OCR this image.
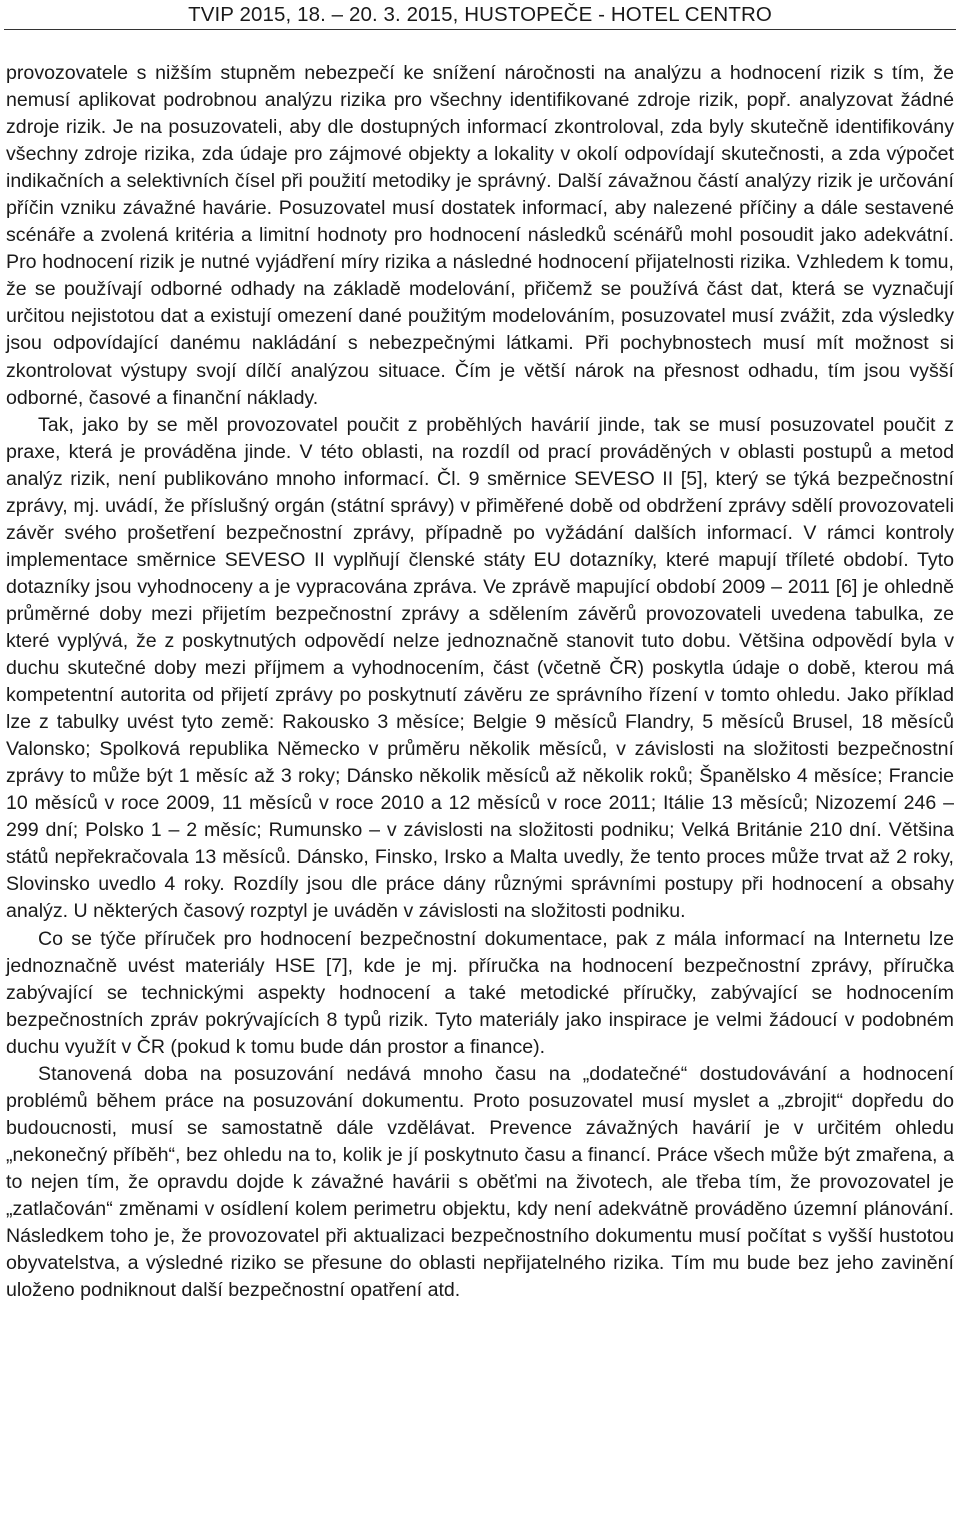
TVIP 2015, 18. – 20. 3. 2015, HUSTOPEČE - HOTEL CENTRO

provozovatele s nižším stupněm nebezpečí ke snížení náročnosti na analýzu a hodnocení rizik s tím, že nemusí aplikovat podrobnou analýzu rizika pro všechny identifikované zdroje rizik, popř. analyzovat žádné zdroje rizik. Je na posuzovateli, aby dle dostupných informací zkontroloval, zda byly skutečně identifikovány všechny zdroje rizika, zda údaje pro zájmové objekty a lokality v okolí odpovídají skutečnosti, a zda výpočet indikačních a selektivních čísel při použití metodiky je správný. Další závažnou částí analýzy rizik je určování příčin vzniku závažné havárie. Posuzovatel musí dostatek informací, aby nalezené příčiny a dále sestavené scénáře a zvolená kritéria a limitní hodnoty pro hodnocení následků scénářů mohl posoudit jako adekvátní. Pro hodnocení rizik je nutné vyjádření míry rizika a následné hodnocení přijatelnosti rizika. Vzhledem k tomu, že se používají odborné odhady na základě modelování, přičemž se používá část dat, která se vyznačují určitou nejistotou dat a existují omezení dané použitým modelováním, posuzovatel musí zvážit, zda výsledky jsou odpovídající danému nakládání s nebezpečnými látkami. Při pochybnostech musí mít možnost si zkontrolovat výstupy svojí dílčí analýzou situace. Čím je větší nárok na přesnost odhadu, tím jsou vyšší odborné, časové a finanční náklady.

Tak, jako by se měl provozovatel poučit z proběhlých havárií jinde, tak se musí posuzovatel poučit z praxe, která je prováděna jinde. V této oblasti, na rozdíl od prací prováděných v oblasti postupů a metod analýz rizik, není publikováno mnoho informací. Čl. 9 směrnice SEVESO II [5], který se týká bezpečnostní zprávy, mj. uvádí, že příslušný orgán (státní správy) v přiměřené době od obdržení zprávy sdělí provozovateli závěr svého prošetření bezpečnostní zprávy, případně po vyžádání dalších informací. V rámci kontroly implementace směrnice SEVESO II vyplňují členské státy EU dotazníky, které mapují tříleté období. Tyto dotazníky jsou vyhodnoceny a je vypracována zpráva. Ve zprávě mapující období 2009 – 2011 [6] je ohledně průměrné doby mezi přijetím bezpečnostní zprávy a sdělením závěrů provozovateli uvedena tabulka, ze které vyplývá, že z poskytnutých odpovědí nelze jednoznačně stanovit tuto dobu. Většina odpovědí byla v duchu skutečné doby mezi příjmem a vyhodnocením, část (včetně ČR) poskytla údaje o době, kterou má kompetentní autorita od přijetí zprávy po poskytnutí závěru ze správního řízení v tomto ohledu. Jako příklad lze z tabulky uvést tyto země: Rakousko 3 měsíce; Belgie 9 měsíců Flandry, 5 měsíců Brusel, 18 měsíců Valonsko; Spolková republika Německo v průměru několik měsíců, v závislosti na složitosti bezpečnostní zprávy to může být 1 měsíc až 3 roky; Dánsko několik měsíců až několik roků; Španělsko 4 měsíce; Francie 10 měsíců v roce 2009, 11 měsíců v roce 2010 a 12 měsíců v roce 2011; Itálie 13 měsíců; Nizozemí 246 – 299 dní; Polsko 1 – 2 měsíc; Rumunsko – v závislosti na složitosti podniku; Velká Británie 210 dní. Většina států nepřekračovala 13 měsíců. Dánsko, Finsko, Irsko a Malta uvedly, že tento proces může trvat až 2 roky, Slovinsko uvedlo 4 roky. Rozdíly jsou dle práce dány různými správními postupy při hodnocení a obsahy analýz. U některých časový rozptyl je uváděn v závislosti na složitosti podniku.

Co se týče příruček pro hodnocení bezpečnostní dokumentace, pak z mála informací na Internetu lze jednoznačně uvést materiály HSE [7], kde je mj. příručka na hodnocení bezpečnostní zprávy, příručka zabývající se technickými aspekty hodnocení a také metodické příručky, zabývající se hodnocením bezpečnostních zpráv pokrývajících 8 typů rizik. Tyto materiály jako inspirace je velmi žádoucí v podobném duchu využít v ČR (pokud k tomu bude dán prostor a finance).

Stanovená doba na posuzování nedává mnoho času na „dodatečné“ dostudovávání a hodnocení problémů během práce na posuzování dokumentu. Proto posuzovatel musí myslet a „zbrojit“ dopředu do budoucnosti, musí se samostatně dále vzdělávat. Prevence závažných havárií je v určitém ohledu „nekonečný příběh“, bez ohledu na to, kolik je jí poskytnuto času a financí. Práce všech může být zmařena, a to nejen tím, že opravdu dojde k závažné havárii s oběťmi na životech, ale třeba tím, že provozovatel je „zatlačován“ změnami v osídlení kolem perimetru objektu, kdy není adekvátně prováděno územní plánování. Následkem toho je, že provozovatel při aktualizaci bezpečnostního dokumentu musí počítat s vyšší hustotou obyvatelstva, a výsledné riziko se přesune do oblasti nepřijatelného rizika. Tím mu bude bez jeho zavinění uloženo podniknout další bezpečnostní opatření atd.
